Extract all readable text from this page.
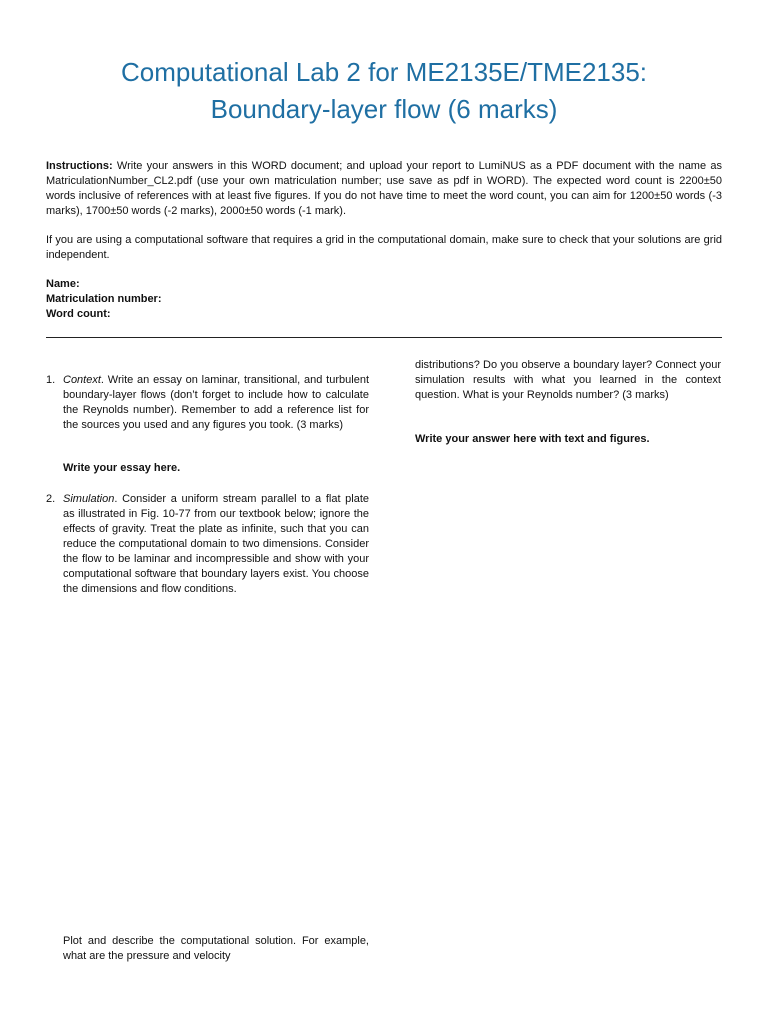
Computational Lab 2 for ME2135E/TME2135:
Boundary-layer flow (6 marks)
Instructions: Write your answers in this WORD document; and upload your report to LumiNUS as a PDF document with the name as MatriculationNumber_CL2.pdf (use your own matriculation number; use save as pdf in WORD). The expected word count is 2200±50 words inclusive of references with at least five figures. If you do not have time to meet the word count, you can aim for 1200±50 words (-3 marks), 1700±50 words (-2 marks), 2000±50 words (-1 mark).
If you are using a computational software that requires a grid in the computational domain, make sure to check that your solutions are grid independent.
Name:
Matriculation number:
Word count:
1. Context. Write an essay on laminar, transitional, and turbulent boundary-layer flows (don’t forget to include how to calculate the Reynolds number). Remember to add a reference list for the sources you used and any figures you took. (3 marks)
Write your essay here.
2. Simulation. Consider a uniform stream parallel to a flat plate as illustrated in Fig. 10-77 from our textbook below; ignore the effects of gravity. Treat the plate as infinite, such that you can reduce the computational domain to two dimensions. Consider the flow to be laminar and incompressible and show with your computational software that boundary layers exist. You choose the dimensions and flow conditions.
Plot and describe the computational solution. For example, what are the pressure and velocity
distributions? Do you observe a boundary layer? Connect your simulation results with what you learned in the context question. What is your Reynolds number? (3 marks)
Write your answer here with text and figures.
